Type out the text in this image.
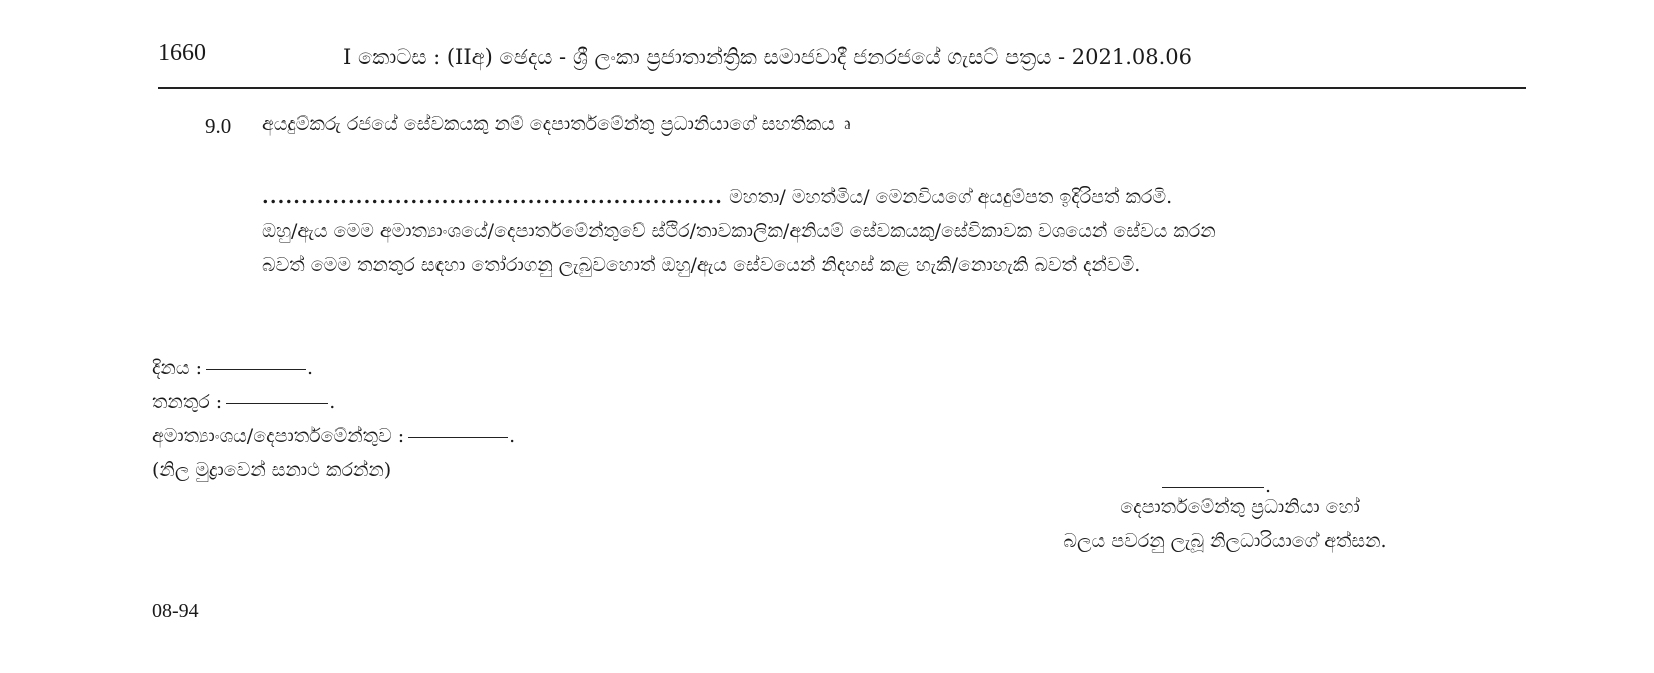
1660	I කොටස : (IIඅ) ඡෙදය - ශ්‍රී ලංකා ප්‍රජාතාන්ත්‍රික සමාජවාදී ජනරජයේ ගැසට් පත්‍රය - 2021.08.06
9.0 අයදුම්කරු රජයේ සේවකයකු නම් දෙපාර්තමේන්තු ප්‍රධානියාගේ සහතිකය ෘ
........................................................... මහතා/ මහත්මිය/ මෙනවියගේ අයදුම්පත ඉදිරිපත් කරමි.
ඔහු/ඇය මෙම අමාත්‍යාංශයේ/දෙපාර්තමේන්තුවේ ස්ථිර/තාවකාලික/අනියම් සේවකයකු/සේවිකාවක වශයෙන් සේවය කරන
බවත් මෙම තනතුර සඳහා තෝරාගනු ලැබුවහොත් ඔහු/ඇය සේවයෙන් නිදහස් කළ හැකි/නොහැකි බවත් දන්වමි.
දිනය :	.
තනතුර :	.
අමාත්‍යාංශය/දෙපාර්තමේන්තුව :	.
(නිල මුද්‍රාවෙන් සනාථ කරන්න)
.
දෙපාර්තමේන්තු ප්‍රධානියා හෝ
බලය පවරනු ලැබූ නිලධාරියාගේ අත්සන.
08-94
